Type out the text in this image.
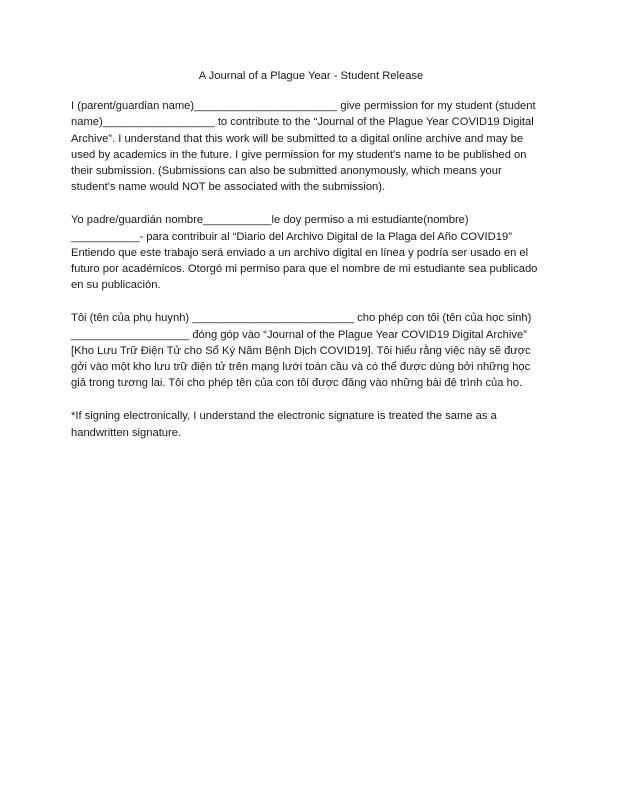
A Journal of a Plague Year - Student Release
I (parent/guardian name)_______________________ give permission for my student (student
name)__________________ to contribute to the “Journal of the Plague Year COVID19 Digital
Archive”. I understand that this work will be submitted to a digital online archive and may be
used by academics in the future. I give permission for my student's name to be published on
their submission. (Submissions can also be submitted anonymously, which means your
student's name would NOT be associated with the submission).
Yo padre/guardián nombre___________le doy permiso a mi estudiante(nombre)
___________- para contribuir al “Diario del Archivo Digital de la Plaga del Año COVID19”
Entiendo que este trabajo será enviado a un archivo digital en línea y podría ser usado en el
futuro por académicos. Otorgó mi permiso para que el nombre de mi estudiante sea publicado
en su publicación.
Tôi (tên của phụ huynh) __________________________ cho phép con tôi (tên của học sinh)
___________________ đóng góp vào “Journal of the Plague Year COVID19 Digital Archive”
[Kho Lưu Trữ Điện Tử cho Sổ Ký Năm Bệnh Dịch COVID19]. Tôi hiểu rằng việc này sẽ được
gởi vào một kho lưu trữ điện tử trên mạng lưới toàn cầu và có thể được dùng bởi những học
giả trong tương lai. Tôi cho phép tên của con tôi được đăng vào những bài đệ trình của họ.
*If signing electronically, I understand the electronic signature is treated the same as a
handwritten signature.
